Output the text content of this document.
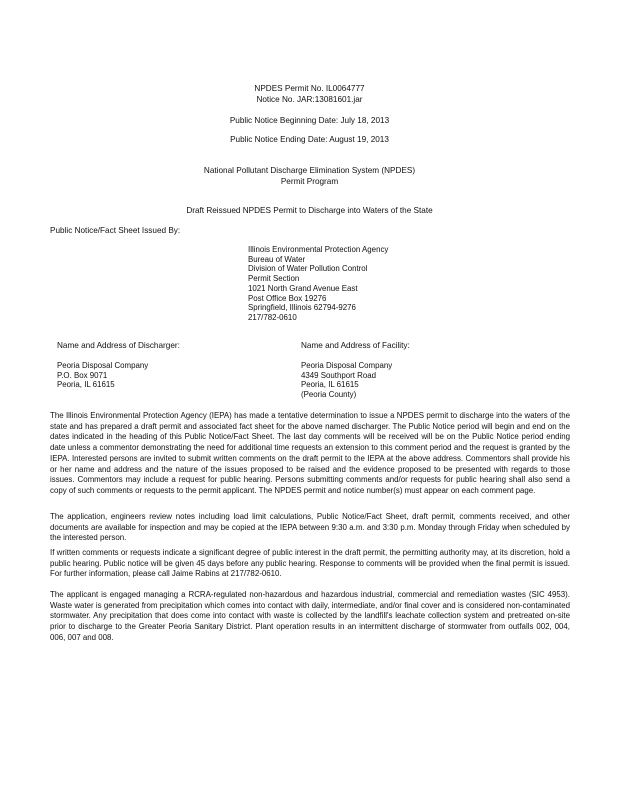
NPDES Permit No. IL0064777
Notice No. JAR:13081601.jar
Public Notice Beginning Date: July 18, 2013
Public Notice Ending Date: August 19, 2013
National Pollutant Discharge Elimination System (NPDES)
Permit Program
Draft Reissued NPDES Permit to Discharge into Waters of the State
Public Notice/Fact Sheet Issued By:
Illinois Environmental Protection Agency
Bureau of Water
Division of Water Pollution Control
Permit Section
1021 North Grand Avenue East
Post Office Box 19276
Springfield, Illinois 62794-9276
217/782-0610
Name and Address of Discharger:
Peoria Disposal Company
P.O. Box 9071
Peoria, IL 61615
Name and Address of Facility:
Peoria Disposal Company
4349 Southport Road
Peoria, IL 61615
(Peoria County)
The Illinois Environmental Protection Agency (IEPA) has made a tentative determination to issue a NPDES permit to discharge into the waters of the state and has prepared a draft permit and associated fact sheet for the above named discharger. The Public Notice period will begin and end on the dates indicated in the heading of this Public Notice/Fact Sheet. The last day comments will be received will be on the Public Notice period ending date unless a commentor demonstrating the need for additional time requests an extension to this comment period and the request is granted by the IEPA. Interested persons are invited to submit written comments on the draft permit to the IEPA at the above address. Commentors shall provide his or her name and address and the nature of the issues proposed to be raised and the evidence proposed to be presented with regards to those issues. Commentors may include a request for public hearing. Persons submitting comments and/or requests for public hearing shall also send a copy of such comments or requests to the permit applicant. The NPDES permit and notice number(s) must appear on each comment page.
The application, engineers review notes including load limit calculations, Public Notice/Fact Sheet, draft permit, comments received, and other documents are available for inspection and may be copied at the IEPA between 9:30 a.m. and 3:30 p.m. Monday through Friday when scheduled by the interested person.
If written comments or requests indicate a significant degree of public interest in the draft permit, the permitting authority may, at its discretion, hold a public hearing. Public notice will be given 45 days before any public hearing. Response to comments will be provided when the final permit is issued. For further information, please call Jaime Rabins at 217/782-0610.
The applicant is engaged managing a RCRA-regulated non-hazardous and hazardous industrial, commercial and remediation wastes (SIC 4953). Waste water is generated from precipitation which comes into contact with daily, intermediate, and/or final cover and is considered non-contaminated stormwater. Any precipitation that does come into contact with waste is collected by the landfill's leachate collection system and pretreated on-site prior to discharge to the Greater Peoria Sanitary District. Plant operation results in an intermittent discharge of stormwater from outfalls 002, 004, 006, 007 and 008.
